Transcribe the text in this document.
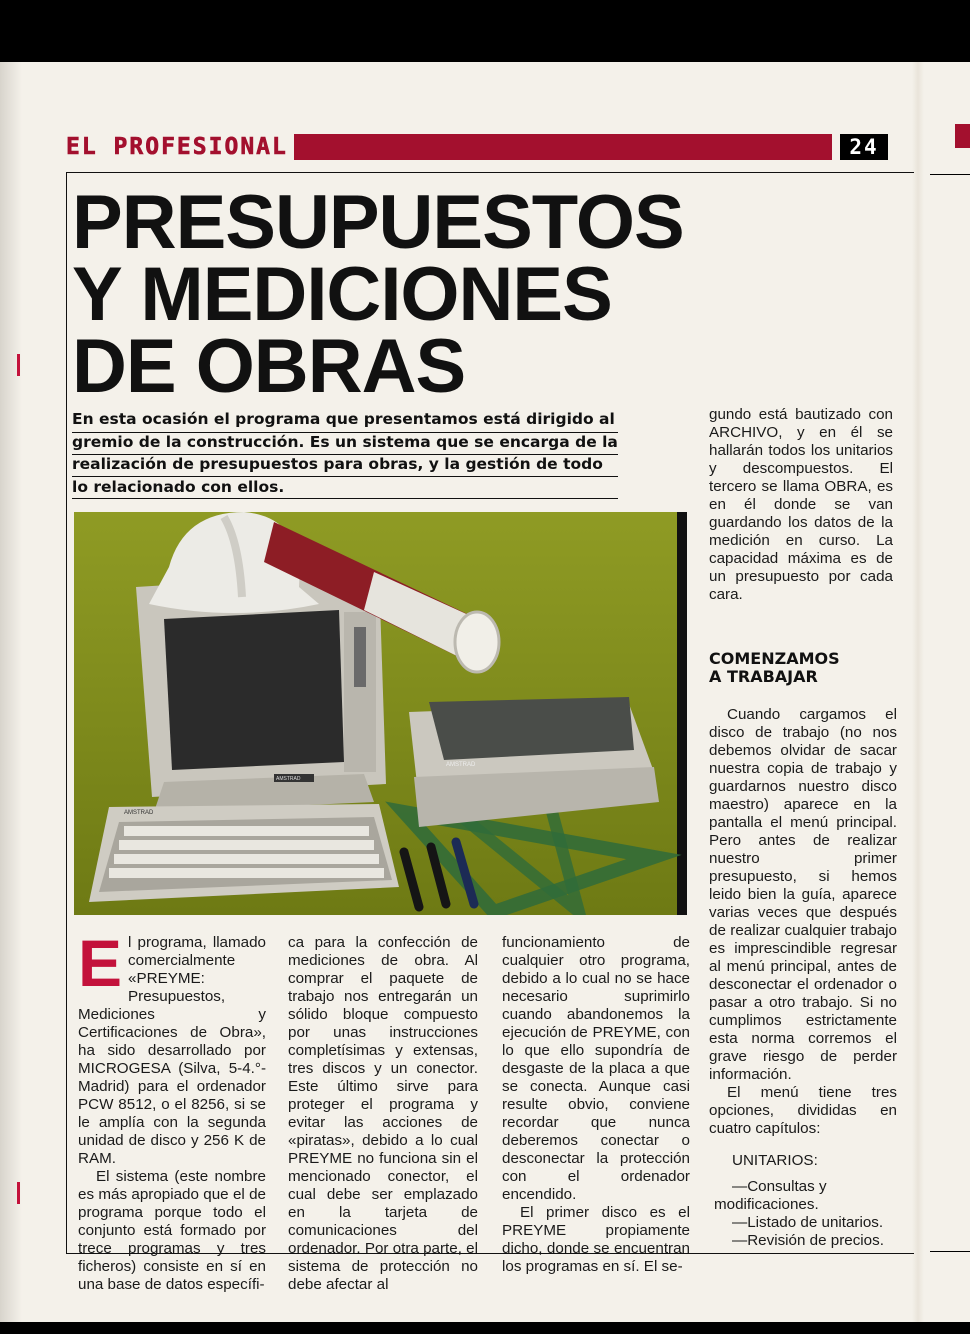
EL PROFESIONAL	24
PRESUPUESTOS
Y MEDICIONES
DE OBRAS
En esta ocasión el programa que presentamos está dirigido al gremio de la construcción. Es un sistema que se encarga de la realización de presupuestos para obras, y la gestión de todo lo relacionado con ellos.
AMSTRAD
AMSTRAD
AMSTRAD
E l programa, llamado comercialmente «PREYME: Presupuestos, Mediciones y Certificaciones de Obra», ha sido desarrollado por MICROGESA (Silva, 5-4.°-Madrid) para el ordenador PCW 8512, o el 8256, si se le amplía con la segunda unidad de disco y 256 K de RAM.

El sistema (este nombre es más apropiado que el de programa porque todo el conjunto está formado por trece programas y tres ficheros) consiste en sí en una base de datos específi-

ca para la confección de mediciones de obra. Al comprar el paquete de trabajo nos entregarán un sólido bloque compuesto por unas instrucciones completísimas y extensas, tres discos y un conector. Este último sirve para proteger el programa y evitar las acciones de «piratas», debido a lo cual PREYME no funciona sin el mencionado conector, el cual debe ser emplazado en la tarjeta de comunicaciones del ordenador. Por otra parte, el sistema de protección no debe afectar al

funcionamiento de cualquier otro programa, debido a lo cual no se hace necesario suprimirlo cuando abandonemos la ejecución de PREYME, con lo que ello supondría de desgaste de la placa a que se conecta. Aunque casi resulte obvio, conviene recordar que nunca deberemos conectar o desconectar la protección con el ordenador encendido.

El primer disco es el PREYME propiamente dicho, donde se encuentran los programas en sí. El se-

gundo está bautizado con ARCHIVO, y en él se hallarán todos los unitarios y descompuestos. El tercero se llama OBRA, es en él donde se van guardando los datos de la medición en curso. La capacidad máxima es de un presupuesto por cada cara.

COMENZAMOS
A TRABAJAR

Cuando cargamos el disco de trabajo (no nos debemos olvidar de sacar nuestra copia de trabajo y guardarnos nuestro disco maestro) aparece en la pantalla el menú principal. Pero antes de realizar nuestro primer presupuesto, si hemos leido bien la guía, aparece varias veces que después de realizar cualquier trabajo es imprescindible regresar al menú principal, antes de desconectar el ordenador o pasar a otro trabajo. Si no cumplimos estrictamente esta norma corremos el grave riesgo de perder información.

El menú tiene tres opciones, divididas en cuatro capítulos:

UNITARIOS:
—Consultas y modificaciones.
—Listado de unitarios.
—Revisión de precios.
